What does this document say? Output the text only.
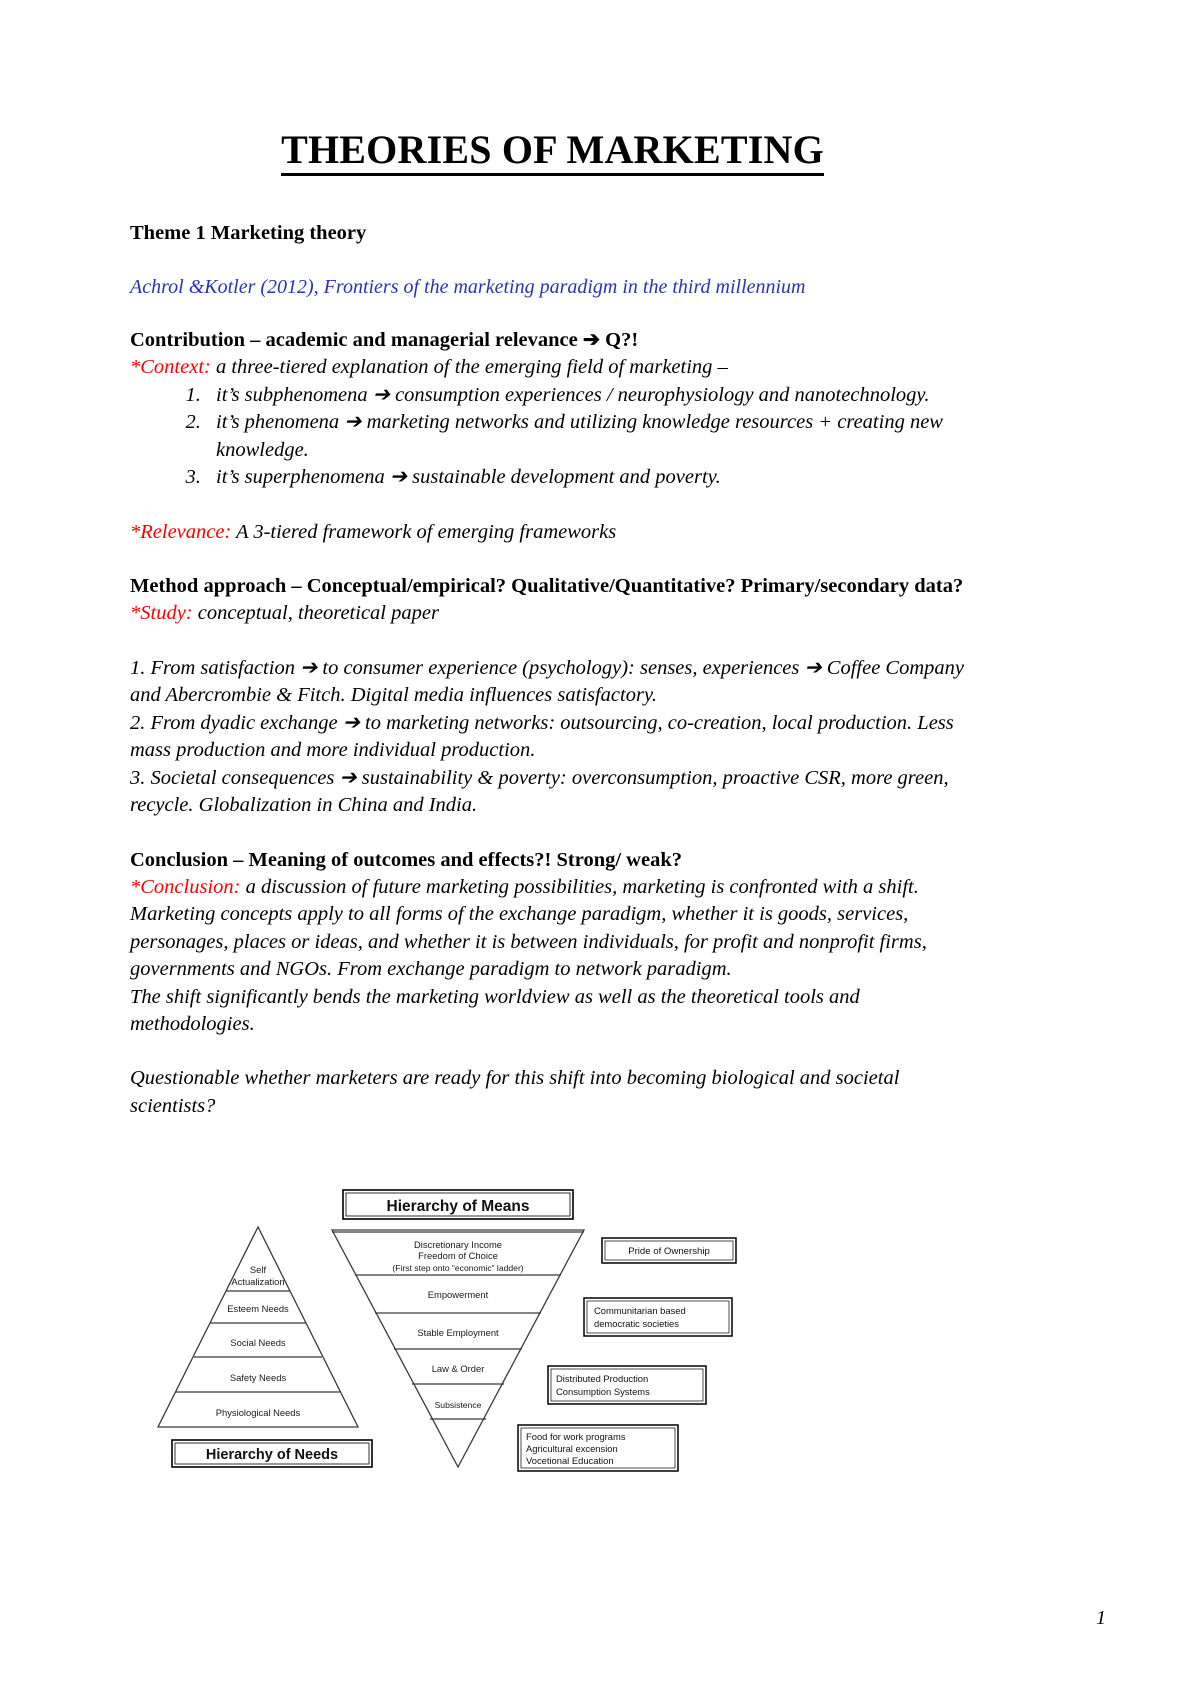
THEORIES OF MARKETING

Theme 1 Marketing theory

Achrol &Kotler (2012), Frontiers of the marketing paradigm in the third millennium

Contribution – academic and managerial relevance ➔ Q?!

*Context: a three-tiered explanation of the emerging field of marketing –

1. it’s subphenomena ➔ consumption experiences / neurophysiology and nanotechnology.
2. it’s phenomena ➔ marketing networks and utilizing knowledge resources + creating new knowledge.
3. it’s superphenomena ➔ sustainable development and poverty.

*Relevance: A 3-tiered framework of emerging frameworks

Method approach – Conceptual/empirical? Qualitative/Quantitative? Primary/secondary data?

*Study: conceptual, theoretical paper

1. From satisfaction ➔ to consumer experience (psychology): senses, experiences ➔ Coffee Company and Abercrombie & Fitch. Digital media influences satisfactory.

2. From dyadic exchange ➔ to marketing networks: outsourcing, co-creation, local production. Less mass production and more individual production.

3. Societal consequences ➔ sustainability & poverty: overconsumption, proactive CSR, more green, recycle. Globalization in China and India.

Conclusion – Meaning of outcomes and effects?! Strong/ weak?

*Conclusion: a discussion of future marketing possibilities, marketing is confronted with a shift. Marketing concepts apply to all forms of the exchange paradigm, whether it is goods, services, personages, places or ideas, and whether it is between individuals, for profit and nonprofit firms, governments and NGOs. From exchange paradigm to network paradigm.

The shift significantly bends the marketing worldview as well as the theoretical tools and methodologies.

Questionable whether marketers are ready for this shift into becoming biological and societal scientists?

Hierarchy of Means
Self
Actualization
Esteem Needs
Social Needs
Safety Needs
Physiological Needs
Hierarchy of Needs
Discretionary Income
Freedom of Choice
(First step onto “economic” ladder)
Empowerment
Stable Employment
Law & Order
Subsistence
Pride of Ownership
Communitarian based
democratic societies
Distributed Production
Consumption Systems
Food for work programs
Agricultural excension
Vocetional Education
1
